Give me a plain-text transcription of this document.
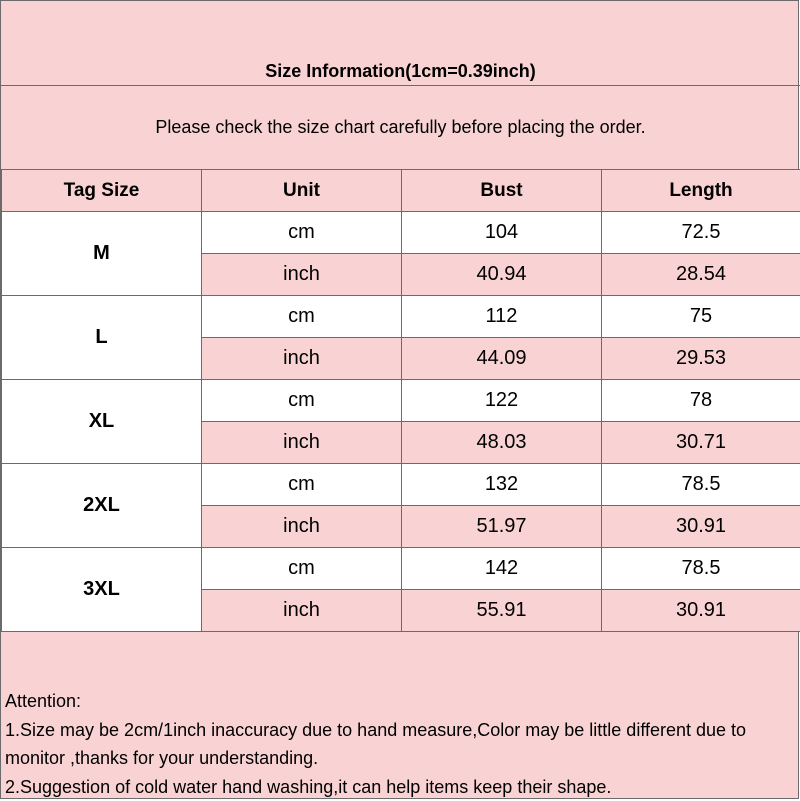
Size Information(1cm=0.39inch)
Please check the size chart carefully before placing the order.
Tag Size	Unit	Bust	Length
M	cm	104	72.5
	inch	40.94	28.54
L	cm	112	75
	inch	44.09	29.53
XL	cm	122	78
	inch	48.03	30.71
2XL	cm	132	78.5
	inch	51.97	30.91
3XL	cm	142	78.5
	inch	55.91	30.91
Attention:
1.Size may be 2cm/1inch inaccuracy due to hand measure,Color may be little different due to monitor ,thanks for your understanding.
2.Suggestion of cold water hand washing,it can help items keep their shape.
